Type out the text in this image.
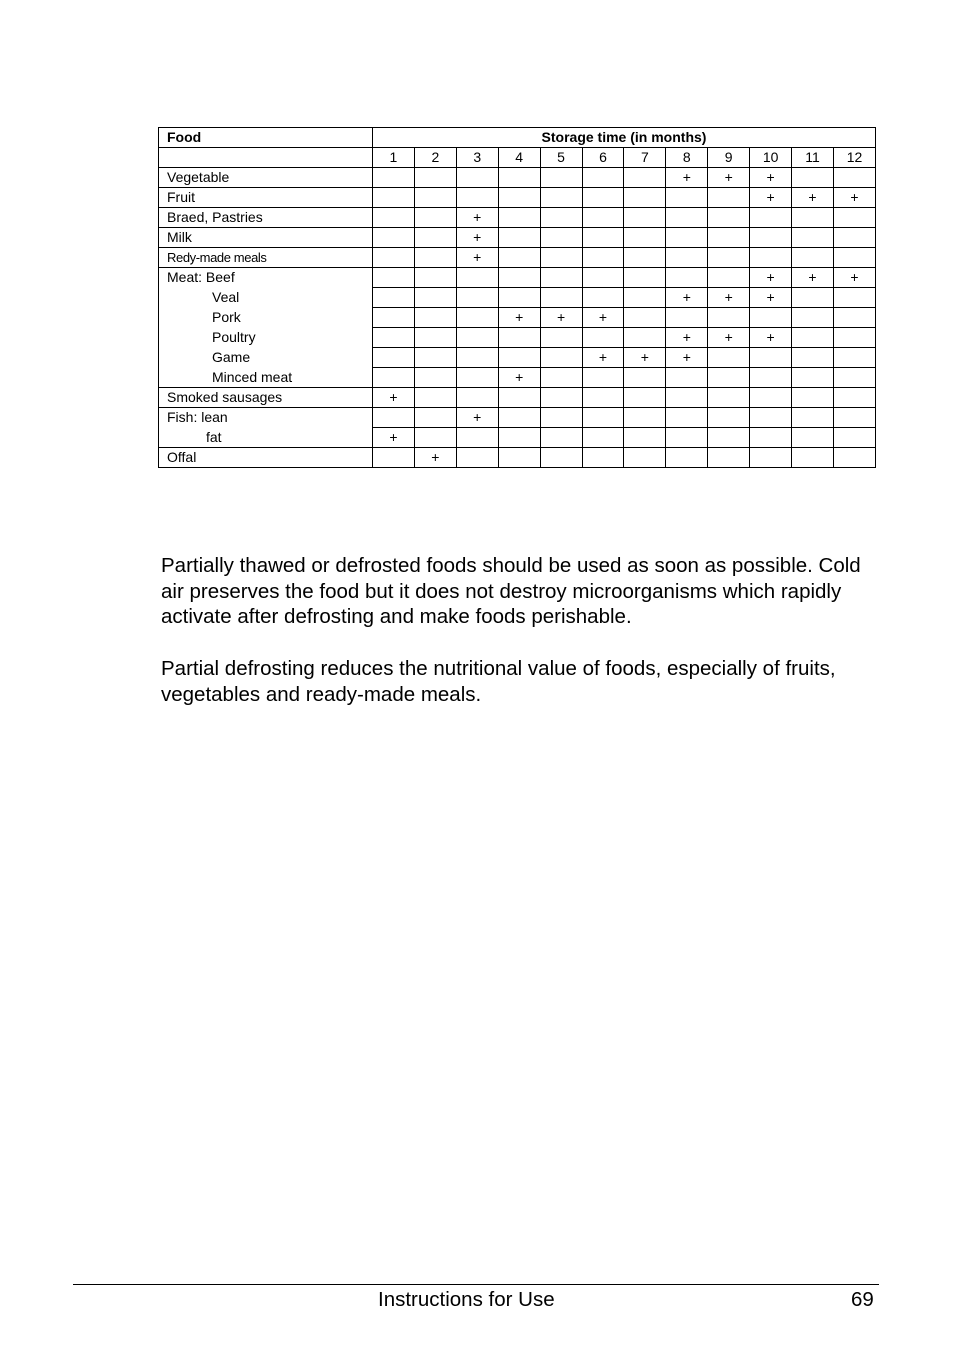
Food	Storage time (in months)											
	1	2	3	4	5	6	7	8	9	10	11	12
Vegetable								+	+	+		
Fruit										+	+	+
Braed, Pastries			+									
Milk			+									
Redy-made meals			+									
Meat: Beef										+	+	+
Veal								+	+	+		
Pork				+	+	+						
Poultry								+	+	+		
Game						+	+	+				
Minced meat				+								
Smoked sausages	+											
Fish: lean			+									
fat	+											
Offal		+										

Partially thawed or defrosted foods should be used as soon as possible. Cold air preserves the food but it does not destroy microorganisms which rapidly activate after defrosting and make foods perishable.

Partial defrosting reduces the nutritional value of foods, especially of fruits, vegetables and ready-made meals.

Instructions for Use	69
